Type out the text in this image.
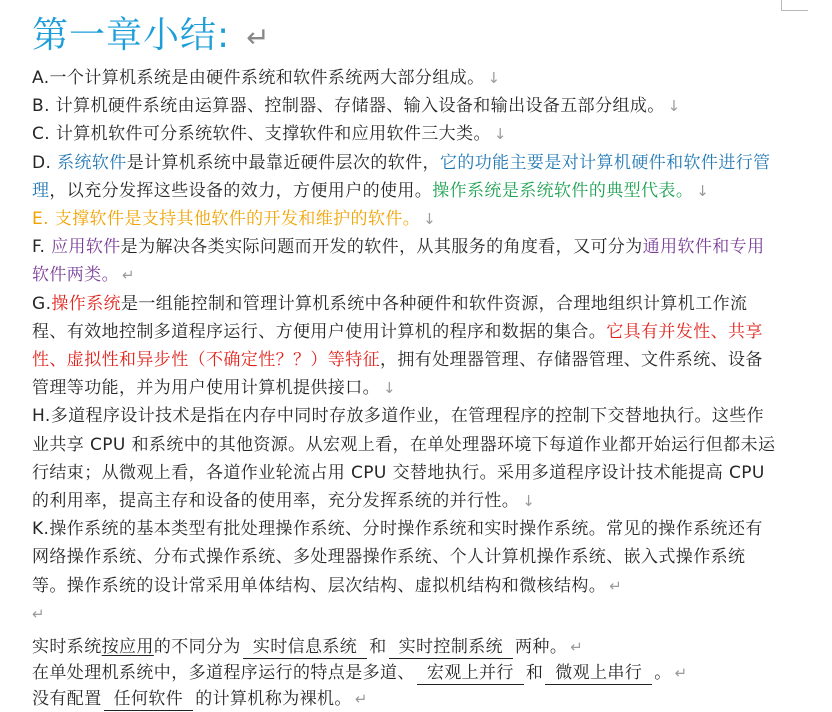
第一章小结: ↵

A.一个计算机系统是由硬件系统和软件系统两大部分组成。 ↓

B. 计算机硬件系统由运算器、控制器、存储器、输入设备和输出设备五部分组成。 ↓

C. 计算机软件可分系统软件、支撑软件和应用软件三大类。 ↓

D. 系统软件是计算机系统中最靠近硬件层次的软件，它的功能主要是对计算机硬件和软件进行管理，以充分发挥这些设备的效力，方便用户的使用。操作系统是系统软件的典型代表。 ↓

E. 支撑软件是支持其他软件的开发和维护的软件。 ↓

F. 应用软件是为解决各类实际问题而开发的软件，从其服务的角度看，又可分为通用软件和专用软件两类。 ↵

G.操作系统是一组能控制和管理计算机系统中各种硬件和软件资源，合理地组织计算机工作流程、有效地控制多道程序运行、方便用户使用计算机的程序和数据的集合。它具有并发性、共享性、虚拟性和异步性（不确定性？？）等特征，拥有处理器管理、存储器管理、文件系统、设备管理等功能，并为用户使用计算机提供接口。 ↓

H.多道程序设计技术是指在内存中同时存放多道作业，在管理程序的控制下交替地执行。这些作业共享 CPU 和系统中的其他资源。从宏观上看，在单处理器环境下每道作业都开始运行但都未运行结束；从微观上看，各道作业轮流占用 CPU 交替地执行。采用多道程序设计技术能提高 CPU 的利用率，提高主存和设备的使用率，充分发挥系统的并行性。 ↓

K.操作系统的基本类型有批处理操作系统、分时操作系统和实时操作系统。常见的操作系统还有网络操作系统、分布式操作系统、多处理器操作系统、个人计算机操作系统、嵌入式操作系统等。操作系统的设计常采用单体结构、层次结构、虚拟机结构和微核结构。 ↵

↵

实时系统按应用的不同分为 实时信息系统 和 实时控制系统 两种。 ↵

在单处理机系统中，多道程序运行的特点是多道、 宏观上并行 和 微观上串行 。 ↵

没有配置 任何软件 的计算机称为裸机。 ↵
